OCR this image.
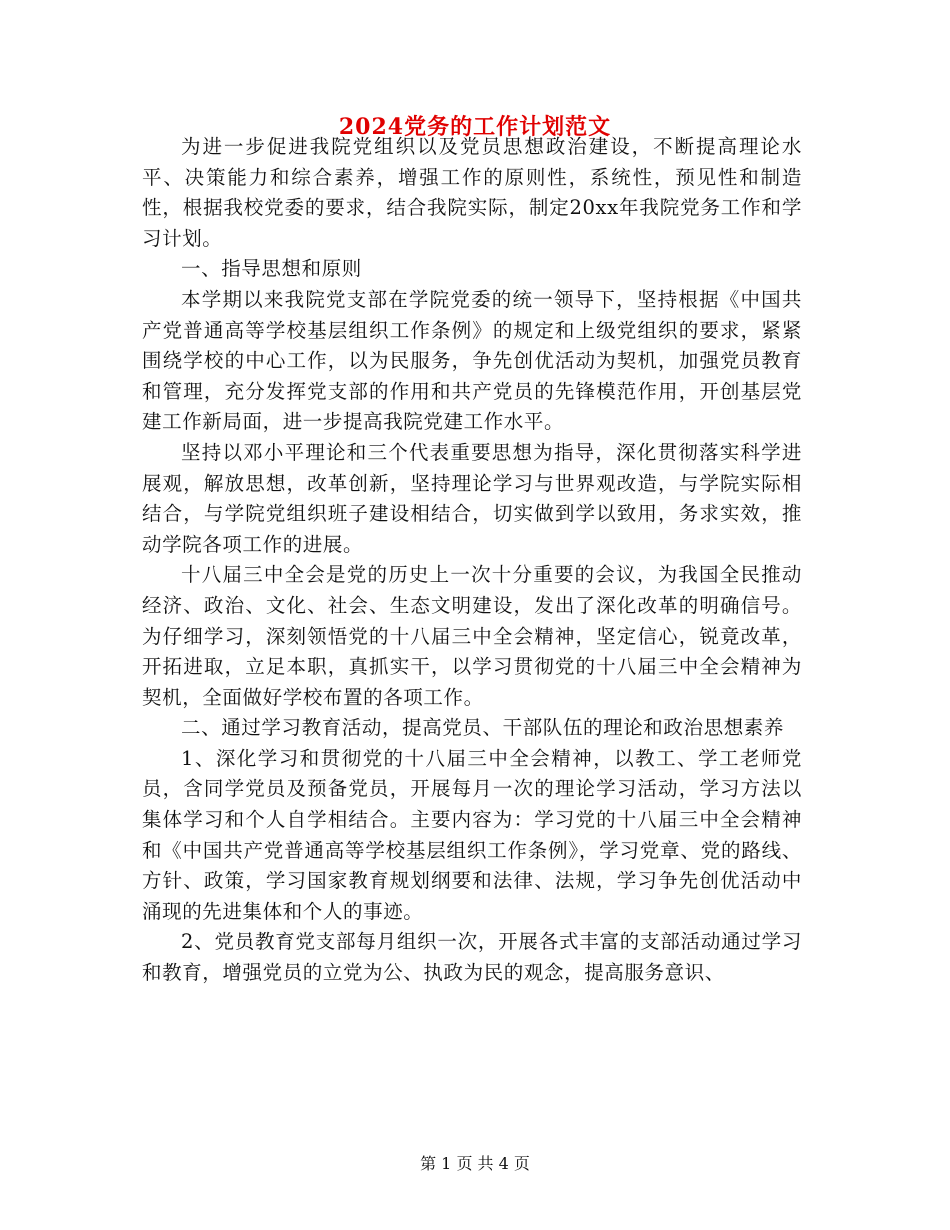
2024党务的工作计划范文

为进一步促进我院党组织以及党员思想政治建设，不断提高理论水平、决策能力和综合素养，增强工作的原则性，系统性，预见性和制造性，根据我校党委的要求，结合我院实际，制定20xx年我院党务工作和学习计划。

一、指导思想和原则

本学期以来我院党支部在学院党委的统一领导下，坚持根据《中国共产党普通高等学校基层组织工作条例》的规定和上级党组织的要求，紧紧围绕学校的中心工作，以为民服务，争先创优活动为契机，加强党员教育和管理，充分发挥党支部的作用和共产党员的先锋模范作用，开创基层党建工作新局面，进一步提高我院党建工作水平。

坚持以邓小平理论和三个代表重要思想为指导，深化贯彻落实科学进展观，解放思想，改革创新，坚持理论学习与世界观改造，与学院实际相结合，与学院党组织班子建设相结合，切实做到学以致用，务求实效，推动学院各项工作的进展。

十八届三中全会是党的历史上一次十分重要的会议，为我国全民推动经济、政治、文化、社会、生态文明建设，发出了深化改革的明确信号。为仔细学习，深刻领悟党的十八届三中全会精神，坚定信心，锐竟改革，开拓进取，立足本职，真抓实干，以学习贯彻党的十八届三中全会精神为契机，全面做好学校布置的各项工作。

二、通过学习教育活动，提高党员、干部队伍的理论和政治思想素养

1、深化学习和贯彻党的十八届三中全会精神，以教工、学工老师党员，含同学党员及预备党员，开展每月一次的理论学习活动，学习方法以集体学习和个人自学相结合。主要内容为：学习党的十八届三中全会精神和《中国共产党普通高等学校基层组织工作条例》，学习党章、党的路线、方针、政策，学习国家教育规划纲要和法律、法规，学习争先创优活动中涌现的先进集体和个人的事迹。

2、党员教育党支部每月组织一次，开展各式丰富的支部活动通过学习和教育，增强党员的立党为公、执政为民的观念，提高服务意识、

第 1 页 共 4 页
